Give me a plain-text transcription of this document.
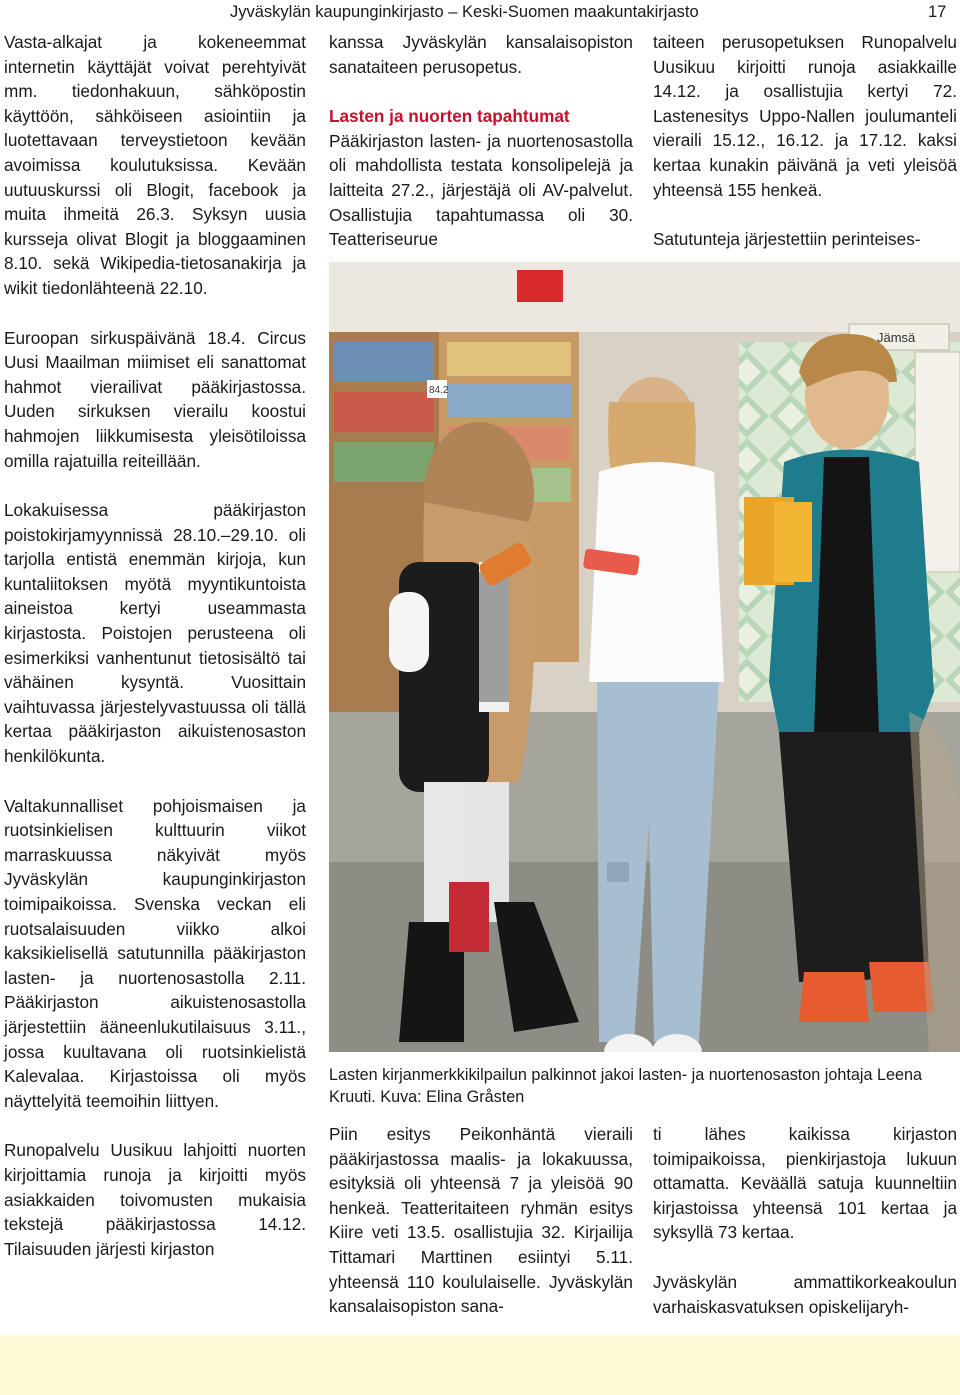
Jyväskylän kaupunginkirjasto – Keski-Suomen maakuntakirjasto	17

Vasta-alkajat ja kokeneemmat internetin käyttäjät voivat perehtyivät mm. tiedonhakuun, sähköpostin käyttöön, sähköiseen asiointiin ja luotettavaan terveystietoon kevään avoimissa koulutuksissa. Kevään uutuuskurssi oli Blogit, facebook ja muita ihmeitä 26.3. Syksyn uusia kursseja olivat Blogit ja bloggaaminen 8.10. sekä Wikipedia-tietosanakirja ja wikit tiedonlähteenä 22.10.

Euroopan sirkuspäivänä 18.4. Circus Uusi Maailman miimiset eli sanattomat hahmot vierailivat pääkirjastossa. Uuden sirkuksen vierailu koostui hahmojen liikkumisesta yleisötiloissa omilla rajatuilla reiteillään.

Lokakuisessa pääkirjaston poistokirjamyynnissä 28.10.–29.10. oli tarjolla entistä enemmän kirjoja, kun kuntaliitoksen myötä myyntikuntoista aineistoa kertyi useammasta kirjastosta. Poistojen perusteena oli esimerkiksi vanhentunut tietosisältö tai vähäinen kysyntä. Vuosittain vaihtuvassa järjestelyvastuussa oli tällä kertaa pääkirjaston aikuistenosaston henkilökunta.

Valtakunnalliset pohjoismaisen ja ruotsinkielisen kulttuurin viikot marraskuussa näkyivät myös Jyväskylän kaupunginkirjaston toimipaikoissa. Svenska veckan eli ruotsalaisuuden viikko alkoi kaksikielisellä satutunnilla pääkirjaston lasten- ja nuortenosastolla 2.11. Pääkirjaston aikuistenosastolla järjestettiin ääneenlukutilaisuus 3.11., jossa kuultavana oli ruotsinkielistä Kalevalaa. Kirjastoissa oli myös näyttelyitä teemoihin liittyen.

Runopalvelu Uusikuu lahjoitti nuorten kirjoittamia runoja ja kirjoitti myös asiakkaiden toivomusten mukaisia tekstejä pääkirjastossa 14.12. Tilaisuuden järjesti kirjaston

kanssa Jyväskylän kansalaisopiston sanataiteen perusopetus.

Lasten ja nuorten tapahtumat

Pääkirjaston lasten- ja nuortenosastolla oli mahdollista testata konsolipelejä ja laitteita 27.2., järjestäjä oli AV-palvelut. Osallistujia tapahtumassa oli 30. Teatteriseurue

taiteen perusopetuksen Runopalvelu Uusikuu kirjoitti runoja asiakkaille 14.12. ja osallistujia kertyi 72. Lastenesitys Uppo-Nallen joulumanteli vieraili 15.12., 16.12. ja 17.12. kaksi kertaa kunakin päivänä ja veti yleisöä yhteensä 155 henkeä.

Satutunteja järjestettiin perinteises-

Jämsä
84.2
Lasten kirjanmerkkikilpailun palkinnot jakoi lasten- ja nuortenosaston johtaja Leena Kruuti. Kuva: Elina Gråsten

Piin esitys Peikonhäntä vieraili pääkirjastossa maalis- ja lokakuussa, esityksiä oli yhteensä 7 ja yleisöä 90 henkeä. Teatteritaiteen ryhmän esitys Kiire veti 13.5. osallistujia 32. Kirjailija Tittamari Marttinen esiintyi 5.11. yhteensä 110 koululaiselle. Jyväskylän kansalaisopiston sana-

ti lähes kaikissa kirjaston toimipaikoissa, pienkirjastoja lukuun ottamatta. Keväällä satuja kuunneltiin kirjastoissa yhteensä 101 kertaa ja syksyllä 73 kertaa.

Jyväskylän ammattikorkeakoulun varhaiskasvatuksen opiskelijaryh-
